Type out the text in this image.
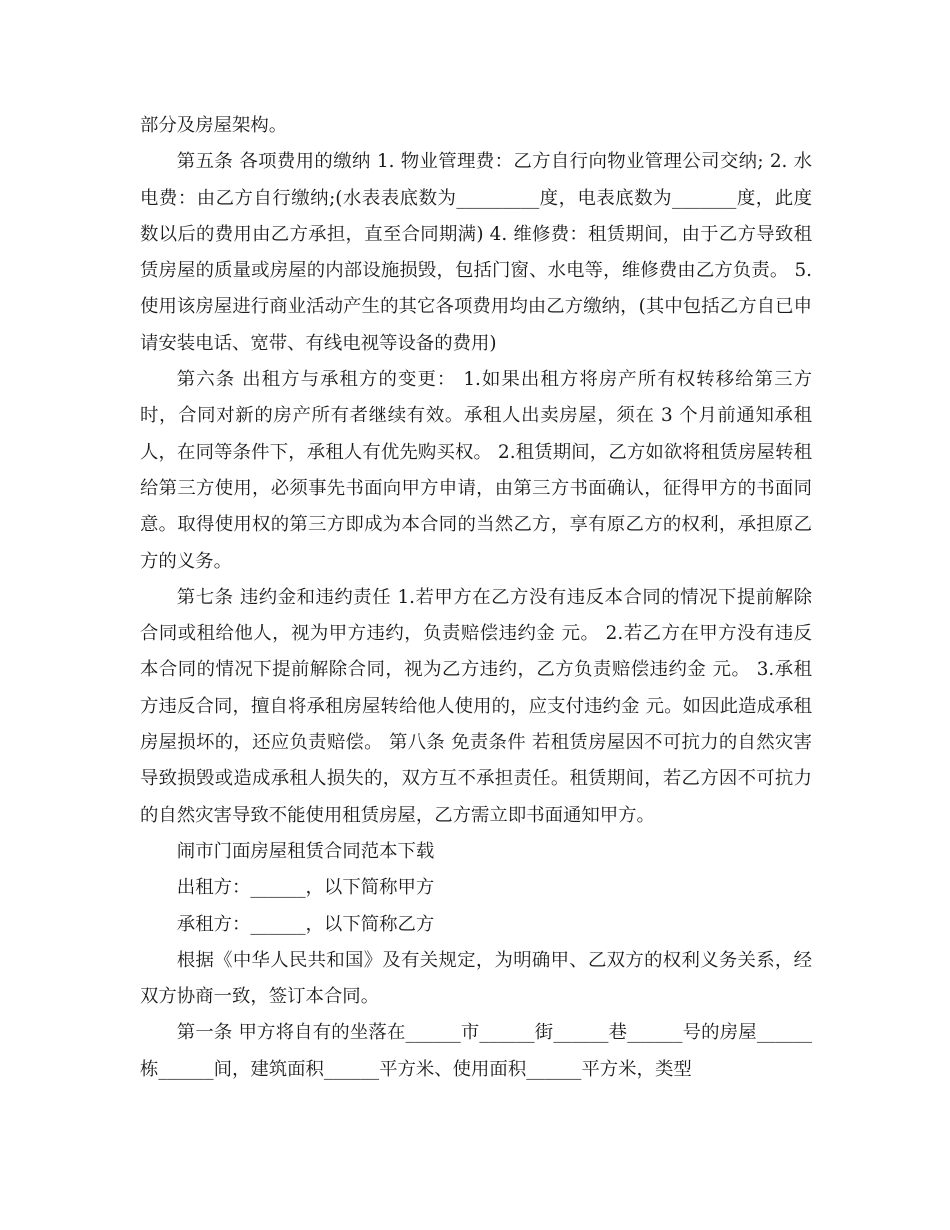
部分及房屋架构。

第五条 各项费用的缴纳 1. 物业管理费：乙方自行向物业管理公司交纳; 2. 水电费：由乙方自行缴纳;(水表表底数为_________度，电表底数为_______度，此度数以后的费用由乙方承担，直至合同期满) 4. 维修费：租赁期间，由于乙方导致租赁房屋的质量或房屋的内部设施损毁，包括门窗、水电等，维修费由乙方负责。 5. 使用该房屋进行商业活动产生的其它各项费用均由乙方缴纳，(其中包括乙方自已申请安装电话、宽带、有线电视等设备的费用)

第六条 出租方与承租方的变更： 1.如果出租方将房产所有权转移给第三方时，合同对新的房产所有者继续有效。承租人出卖房屋，须在 3 个月前通知承租人，在同等条件下，承租人有优先购买权。 2.租赁期间，乙方如欲将租赁房屋转租给第三方使用，必须事先书面向甲方申请，由第三方书面确认，征得甲方的书面同意。取得使用权的第三方即成为本合同的当然乙方，享有原乙方的权利，承担原乙方的义务。

第七条 违约金和违约责任 1.若甲方在乙方没有违反本合同的情况下提前解除合同或租给他人，视为甲方违约，负责赔偿违约金 元。 2.若乙方在甲方没有违反本合同的情况下提前解除合同，视为乙方违约，乙方负责赔偿违约金 元。 3.承租方违反合同，擅自将承租房屋转给他人使用的，应支付违约金 元。如因此造成承租房屋损坏的，还应负责赔偿。 第八条 免责条件 若租赁房屋因不可抗力的自然灾害导致损毁或造成承租人损失的，双方互不承担责任。租赁期间，若乙方因不可抗力的自然灾害导致不能使用租赁房屋，乙方需立即书面通知甲方。

闹市门面房屋租赁合同范本下载

出租方：______，以下简称甲方

承租方：______，以下简称乙方

根据《中华人民共和国》及有关规定，为明确甲、乙双方的权利义务关系，经双方协商一致，签订本合同。

第一条 甲方将自有的坐落在______市______街______巷______号的房屋______栋______间，建筑面积______平方米、使用面积______平方米，类型
